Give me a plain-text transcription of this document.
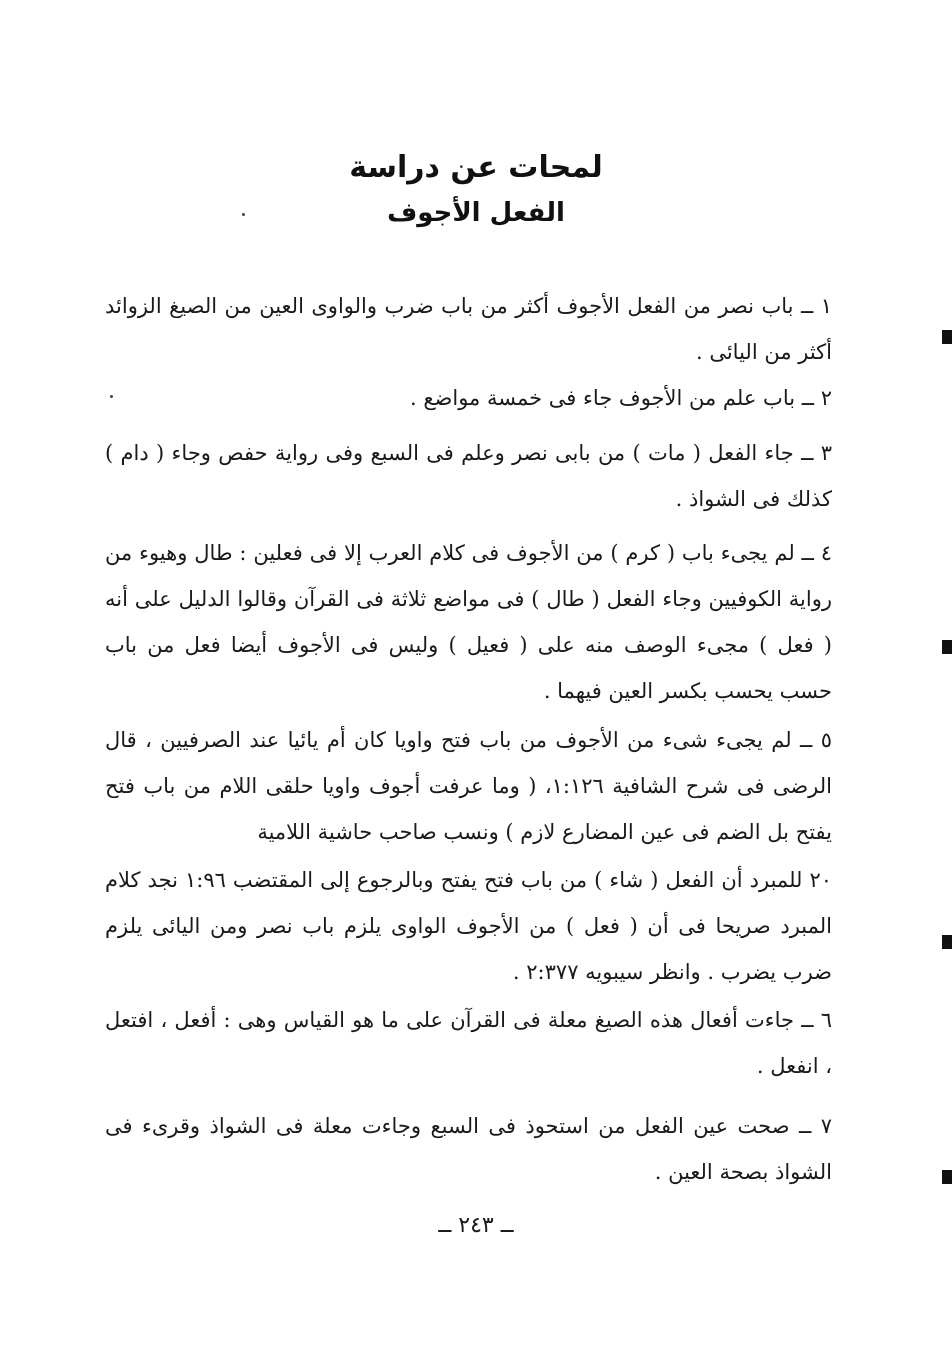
لمحات عن دراسة
الفعل الأجوف
١ ــ باب نصر من الفعل الأجوف أكثر من باب ضرب والواوى العين من الصيغ الزوائد أكثر من اليائى .
٢ ــ باب علم من الأجوف جاء فى خمسة مواضع .
٣ ــ جاء الفعل ( مات ) من بابى نصر وعلم فى السبع وفى رواية حفص وجاء ( دام ) كذلك فى الشواذ .
٤ ــ لم يجىء باب ( كرم ) من الأجوف فى كلام العرب إلا فى فعلين : طال وهيوء من رواية الكوفيين وجاء الفعل ( طال ) فى مواضع ثلاثة فى القرآن وقالوا الدليل على أنه ( فعل ) مجىء الوصف منه على ( فعيل ) وليس فى الأجوف أيضا فعل من باب حسب يحسب بكسر العين فيهما .
٥ ــ لم يجىء شىء من الأجوف من باب فتح واويا كان أم يائيا عند الصرفيين ، قال الرضى فى شرح الشافية ١:١٢٦، ( وما عرفت أجوف واويا حلقى اللام من باب فتح يفتح بل الضم فى عين المضارع لازم ) ونسب صاحب حاشية اللامية
٢٠ للمبرد أن الفعل ( شاء ) من باب فتح يفتح وبالرجوع إلى المقتضب ١:٩٦ نجد كلام المبرد صريحا فى أن ( فعل ) من الأجوف الواوى يلزم باب نصر ومن اليائى يلزم ضرب يضرب . وانظر سيبويه ٢:٣٧٧ .
٦ ــ جاءت أفعال هذه الصيغ معلة فى القرآن على ما هو القياس وهى : أفعل ، افتعل ، انفعل .
٧ ــ صحت عين الفعل من استحوذ فى السبع وجاءت معلة فى الشواذ وقرىء فى الشواذ بصحة العين .
ــ ٢٤٣ ــ
